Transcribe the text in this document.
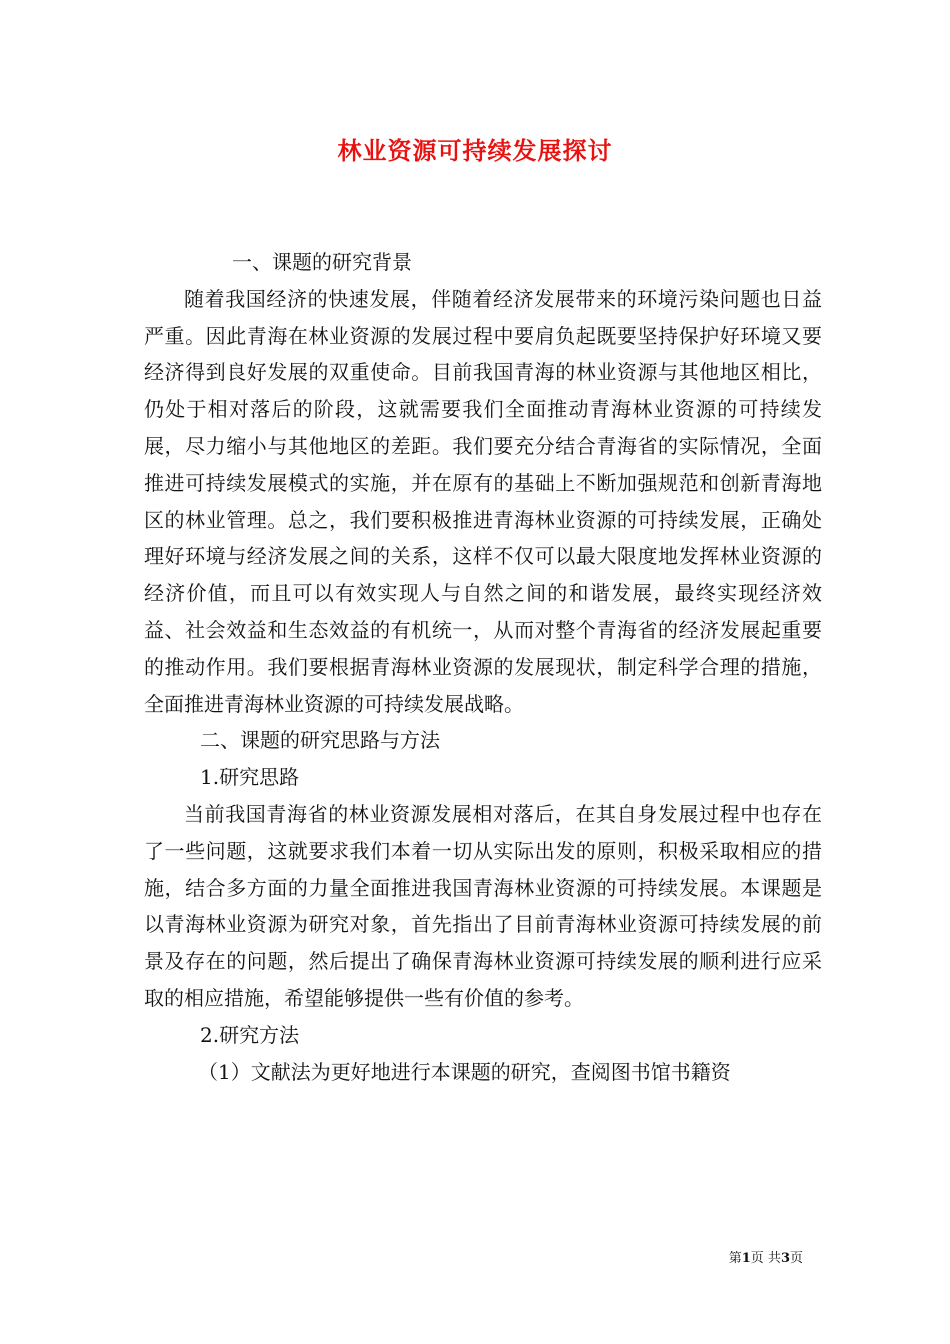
林业资源可持续发展探讨

一、课题的研究背景

随着我国经济的快速发展，伴随着经济发展带来的环境污染问题也日益严重。因此青海在林业资源的发展过程中要肩负起既要坚持保护好环境又要经济得到良好发展的双重使命。目前我国青海的林业资源与其他地区相比，仍处于相对落后的阶段，这就需要我们全面推动青海林业资源的可持续发展，尽力缩小与其他地区的差距。我们要充分结合青海省的实际情况，全面推进可持续发展模式的实施，并在原有的基础上不断加强规范和创新青海地区的林业管理。总之，我们要积极推进青海林业资源的可持续发展，正确处理好环境与经济发展之间的关系，这样不仅可以最大限度地发挥林业资源的经济价值，而且可以有效实现人与自然之间的和谐发展，最终实现经济效益、社会效益和生态效益的有机统一，从而对整个青海省的经济发展起重要的推动作用。我们要根据青海林业资源的发展现状，制定科学合理的措施，全面推进青海林业资源的可持续发展战略。

二、课题的研究思路与方法

1.研究思路

当前我国青海省的林业资源发展相对落后，在其自身发展过程中也存在了一些问题，这就要求我们本着一切从实际出发的原则，积极采取相应的措施，结合多方面的力量全面推进我国青海林业资源的可持续发展。本课题是以青海林业资源为研究对象，首先指出了目前青海林业资源可持续发展的前景及存在的问题，然后提出了确保青海林业资源可持续发展的顺利进行应采取的相应措施，希望能够提供一些有价值的参考。

2.研究方法

（1）文献法为更好地进行本课题的研究，查阅图书馆书籍资

第1页 共3页
